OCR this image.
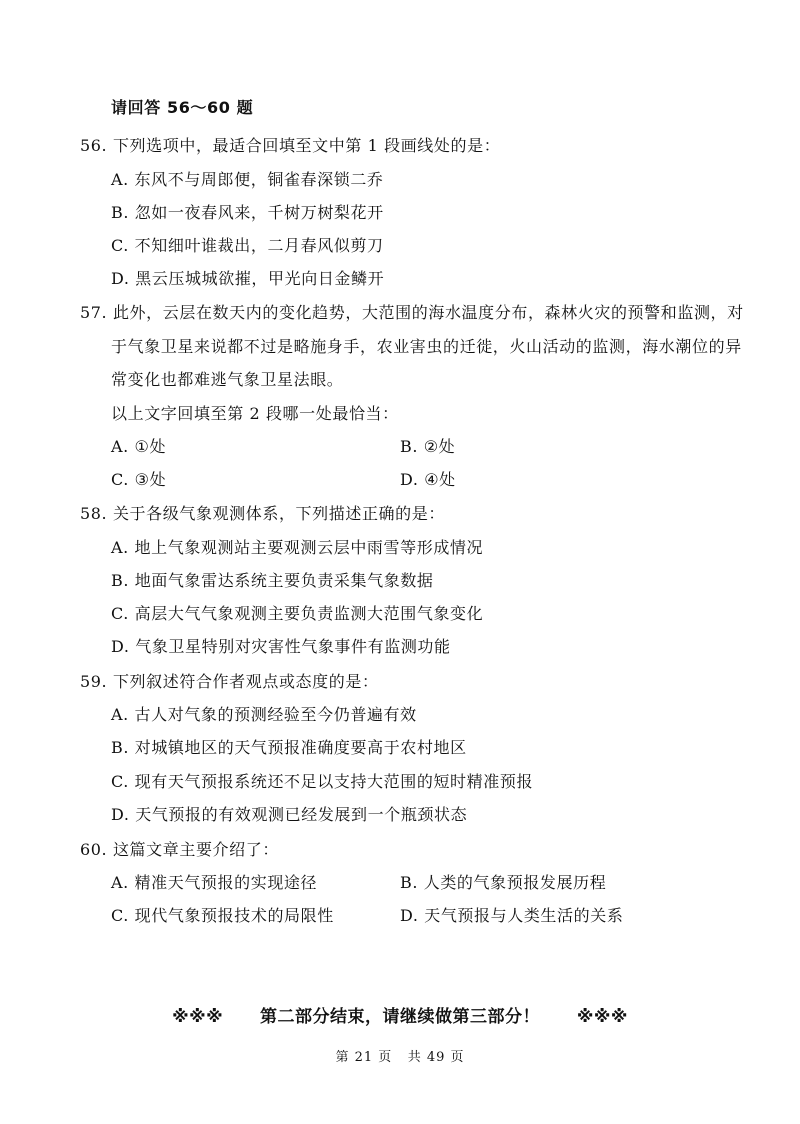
请回答 56～60 题
56. 下列选项中，最适合回填至文中第 1 段画线处的是：
A. 东风不与周郎便，铜雀春深锁二乔
B. 忽如一夜春风来，千树万树梨花开
C. 不知细叶谁裁出，二月春风似剪刀
D. 黑云压城城欲摧，甲光向日金鳞开
57. 此外，云层在数天内的变化趋势，大范围的海水温度分布，森林火灾的预警和监测，对
于气象卫星来说都不过是略施身手，农业害虫的迁徙，火山活动的监测，海水潮位的异
常变化也都难逃气象卫星法眼。
以上文字回填至第 2 段哪一处最恰当：
A. ①处	B. ②处
C. ③处	D. ④处
58. 关于各级气象观测体系，下列描述正确的是：
A. 地上气象观测站主要观测云层中雨雪等形成情况
B. 地面气象雷达系统主要负责采集气象数据
C. 高层大气气象观测主要负责监测大范围气象变化
D. 气象卫星特别对灾害性气象事件有监测功能
59. 下列叙述符合作者观点或态度的是：
A. 古人对气象的预测经验至今仍普遍有效
B. 对城镇地区的天气预报准确度要高于农村地区
C. 现有天气预报系统还不足以支持大范围的短时精准预报
D. 天气预报的有效观测已经发展到一个瓶颈状态
60. 这篇文章主要介绍了：
A. 精准天气预报的实现途径	B. 人类的气象预报发展历程
C. 现代气象预报技术的局限性	D. 天气预报与人类生活的关系
※※※ 第二部分结束，请继续做第三部分！ ※※※
第 21 页   共 49 页
